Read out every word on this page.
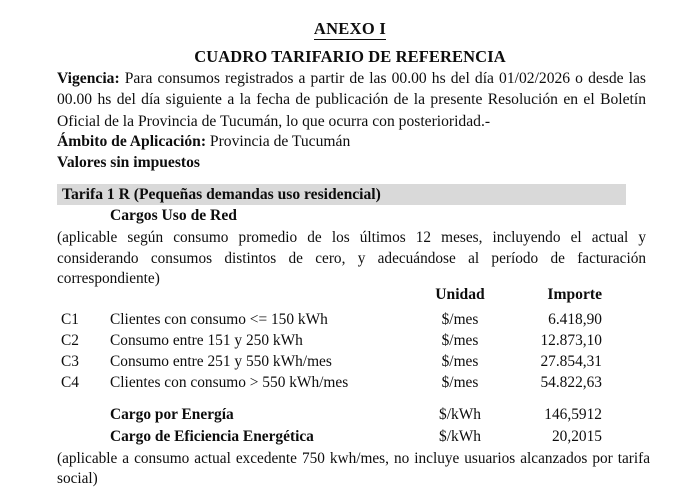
ANEXO I
CUADRO TARIFARIO DE REFERENCIA
Vigencia: Para consumos registrados a partir de las 00.00 hs del día 01/02/2026 o desde las 00.00 hs del día siguiente a la fecha de publicación de la presente Resolución en el Boletín Oficial de la Provincia de Tucumán, lo que ocurra con posterioridad.-
Ámbito de Aplicación: Provincia de Tucumán
Valores sin impuestos
Tarifa 1 R (Pequeñas demandas uso residencial)
Cargos Uso de Red
(aplicable según consumo promedio de los últimos 12 meses, incluyendo el actual y considerando consumos distintos de cero, y adecuándose al período de facturación correspondiente)
Unidad	Importe
C1	Clientes con consumo <= 150 kWh	$/mes	6.418,90
C2	Consumo entre 151 y 250 kWh	$/mes	12.873,10
C3	Consumo entre 251 y 550 kWh/mes	$/mes	27.854,31
C4	Clientes con consumo > 550 kWh/mes	$/mes	54.822,63
Cargo por Energía	$/kWh	146,5912
Cargo de Eficiencia Energética	$/kWh	20,2015
(aplicable a consumo actual excedente 750 kwh/mes, no incluye usuarios alcanzados por tarifa social)
